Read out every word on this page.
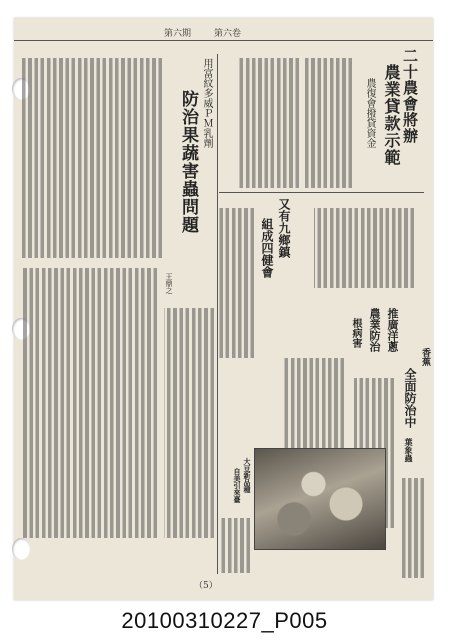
第六期	第六卷
二十農會將辦
農業貸款示範
農復會撥貸資金
用富紋多威ＰＭ乳劑
防治果蔬害蟲問題
王鼎之
又有九鄉鎮
組成四健會
推廣洋蔥
農業防治
根病害
香蕉
全面防治中
葉象蟲
大豆新品種
自美引來臺
（5）
20100310227_P005
